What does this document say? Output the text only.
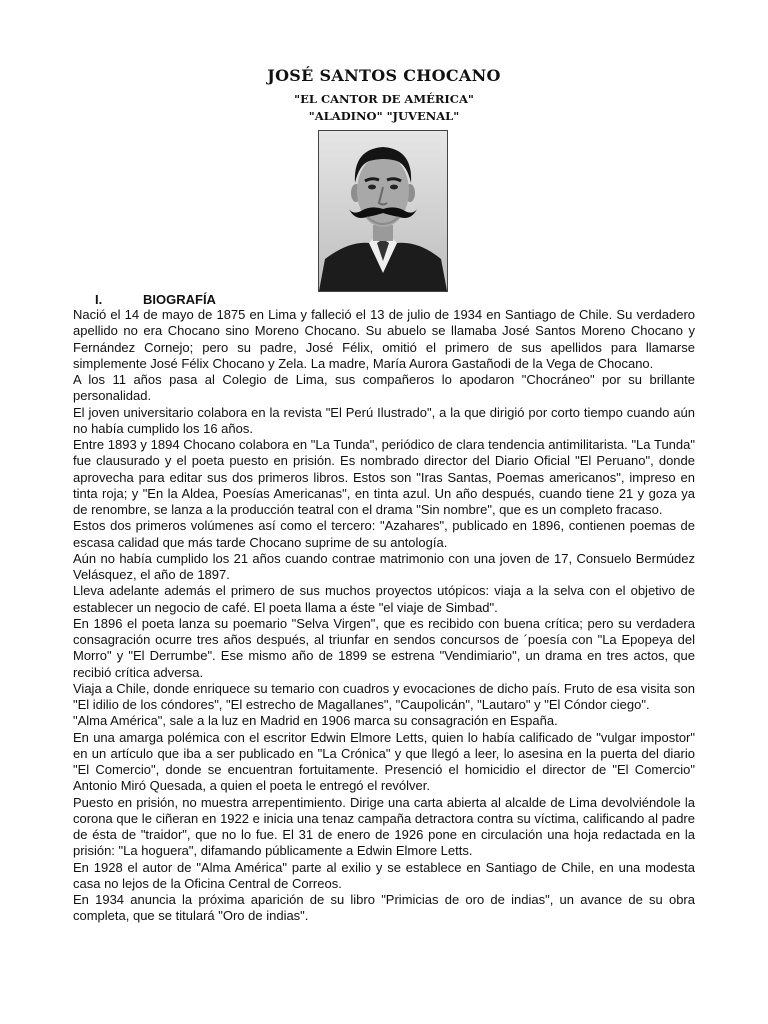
JOSÉ SANTOS CHOCANO
"EL CANTOR DE AMÉRICA"
"ALADINO" "JUVENAL"
I.	BIOGRAFÍA

Nació el 14 de mayo de 1875 en Lima y falleció el 13 de julio de 1934 en Santiago de Chile. Su verdadero apellido no era Chocano sino Moreno Chocano. Su abuelo se llamaba José Santos Moreno Chocano y Fernández Cornejo; pero su padre, José Félix, omitió el primero de sus apellidos para llamarse simplemente José Félix Chocano y Zela. La madre, María Aurora Gastañodi de la Vega de Chocano.

A los 11 años pasa al Colegio de Lima, sus compañeros lo apodaron "Chocráneo" por su brillante personalidad.

El joven universitario colabora en la revista "El Perú Ilustrado", a la que dirigió por corto tiempo cuando aún no había cumplido los 16 años.

Entre 1893 y 1894 Chocano colabora en "La Tunda", periódico de clara tendencia antimilitarista. "La Tunda" fue clausurado y el poeta puesto en prisión. Es nombrado director del Diario Oficial "El Peruano", donde aprovecha para editar sus dos primeros libros. Estos son "Iras Santas, Poemas americanos", impreso en tinta roja; y "En la Aldea, Poesías Americanas", en tinta azul. Un año después, cuando tiene 21 y goza ya de renombre, se lanza a la producción teatral con el drama "Sin nombre", que es un completo fracaso.

Estos dos primeros volúmenes así como el tercero: "Azahares", publicado en 1896, contienen poemas de escasa calidad que más tarde Chocano suprime de su antología.

Aún no había cumplido los 21 años cuando contrae matrimonio con una joven de 17, Consuelo Bermúdez Velásquez, el año de 1897.

Lleva adelante además el primero de sus muchos proyectos utópicos: viaja a la selva con el objetivo de establecer un negocio de café. El poeta llama a éste "el viaje de Simbad".

En 1896 el poeta lanza su poemario "Selva Virgen", que es recibido con buena crítica; pero su verdadera consagración ocurre tres años después, al triunfar en sendos concursos de ´poesía con "La Epopeya del Morro" y "El Derrumbe". Ese mismo año de 1899 se estrena "Vendimiario", un drama en tres actos, que recibió crítica adversa.

Viaja a Chile, donde enriquece su temario con cuadros y evocaciones de dicho país. Fruto de esa visita son "El idilio de los cóndores", "El estrecho de Magallanes", "Caupolicán", "Lautaro" y "El Cóndor ciego".

"Alma América", sale a la luz en Madrid en 1906 marca su consagración en España.

En una amarga polémica con el escritor Edwin Elmore Letts, quien lo había calificado de "vulgar impostor" en un artículo que iba a ser publicado en "La Crónica" y que llegó a leer, lo asesina en la puerta del diario "El Comercio", donde se encuentran fortuitamente. Presenció el homicidio el director de "El Comercio" Antonio Miró Quesada, a quien el poeta le entregó el revólver.

Puesto en prisión, no muestra arrepentimiento. Dirige una carta abierta al alcalde de Lima devolviéndole la corona que le ciñeran en 1922 e inicia una tenaz campaña detractora contra su víctima, calificando al padre de ésta de "traidor", que no lo fue. El 31 de enero de 1926 pone en circulación una hoja redactada en la prisión: "La hoguera", difamando públicamente a Edwin Elmore Letts.

En 1928 el autor de "Alma América" parte al exilio y se establece en Santiago de Chile, en una modesta casa no lejos de la Oficina Central de Correos.

En 1934 anuncia la próxima aparición de su libro "Primicias de oro de indias", un avance de su obra completa, que se titulará "Oro de indias".
